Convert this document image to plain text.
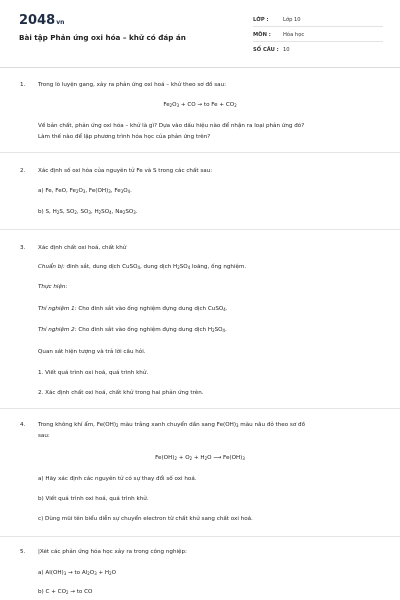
2048vn
Bài tập Phản ứng oxi hóa – khử có đáp án
LỚP :	Lớp 10
MÔN :	Hóa học
SỐ CÂU : 10
1. Trong lò luyện gang, xảy ra phản ứng oxi hoá – khử theo sơ đồ sau:
$Fe_2O_3$ + CO → to $Fe + CO_2$
Về bản chất, phản ứng oxi hóa – khử là gì? Dựa vào dấu hiệu nào để nhận ra loại phản ứng đó?
Làm thế nào để lập phương trình hóa học của phản ứng trên?
2. Xác định số oxi hóa của nguyên tử Fe và S trong các chất sau:
a) Fe, FeO, $Fe_2O_3$, $Fe(OH)_3$, $Fe_3O_4$.
b) S, $H_2S$, $SO_2$, $SO_3$, $H_2SO_4$, $Na_2SO_3$.
3. Xác định chất oxi hoá, chất khử
Chuẩn bị: đinh sắt, dung dịch CuSO$_4$, dung dịch $H_2SO_4$ loãng, ống nghiệm.
Thực hiện:
Thí nghiệm 1: Cho đinh sắt vào ống nghiệm đựng dung dịch CuSO$_4$.
Thí nghiệm 2: Cho đinh sắt vào ống nghiệm đựng dung dịch $H_2SO_4$.
Quan sát hiện tượng và trả lời câu hỏi.
1. Viết quá trình oxi hoá, quá trình khử.
2. Xác định chất oxi hoá, chất khử trong hai phản ứng trên.
4. Trong không khí ẩm, $Fe(OH)_2$ màu trắng xanh chuyển dần sang $Fe(OH)_3$ màu nâu đỏ theo sơ đồ
sau:
$Fe(OH)_2 + O_2 + H_2O$ ⟶ $Fe(OH)_3$
a) Hãy xác định các nguyên tử có sự thay đổi số oxi hoá.
b) Viết quá trình oxi hoá, quá trình khử.
c) Dùng mũi tên biểu diễn sự chuyển electron từ chất khử sang chất oxi hoá.
5. |Xét các phản ứng hóa học xảy ra trong công nghiệp:
a) $Al(OH)_3$ → to $Al_2O_3 + H_2O$
b) $C + CO_2$ → to CO
